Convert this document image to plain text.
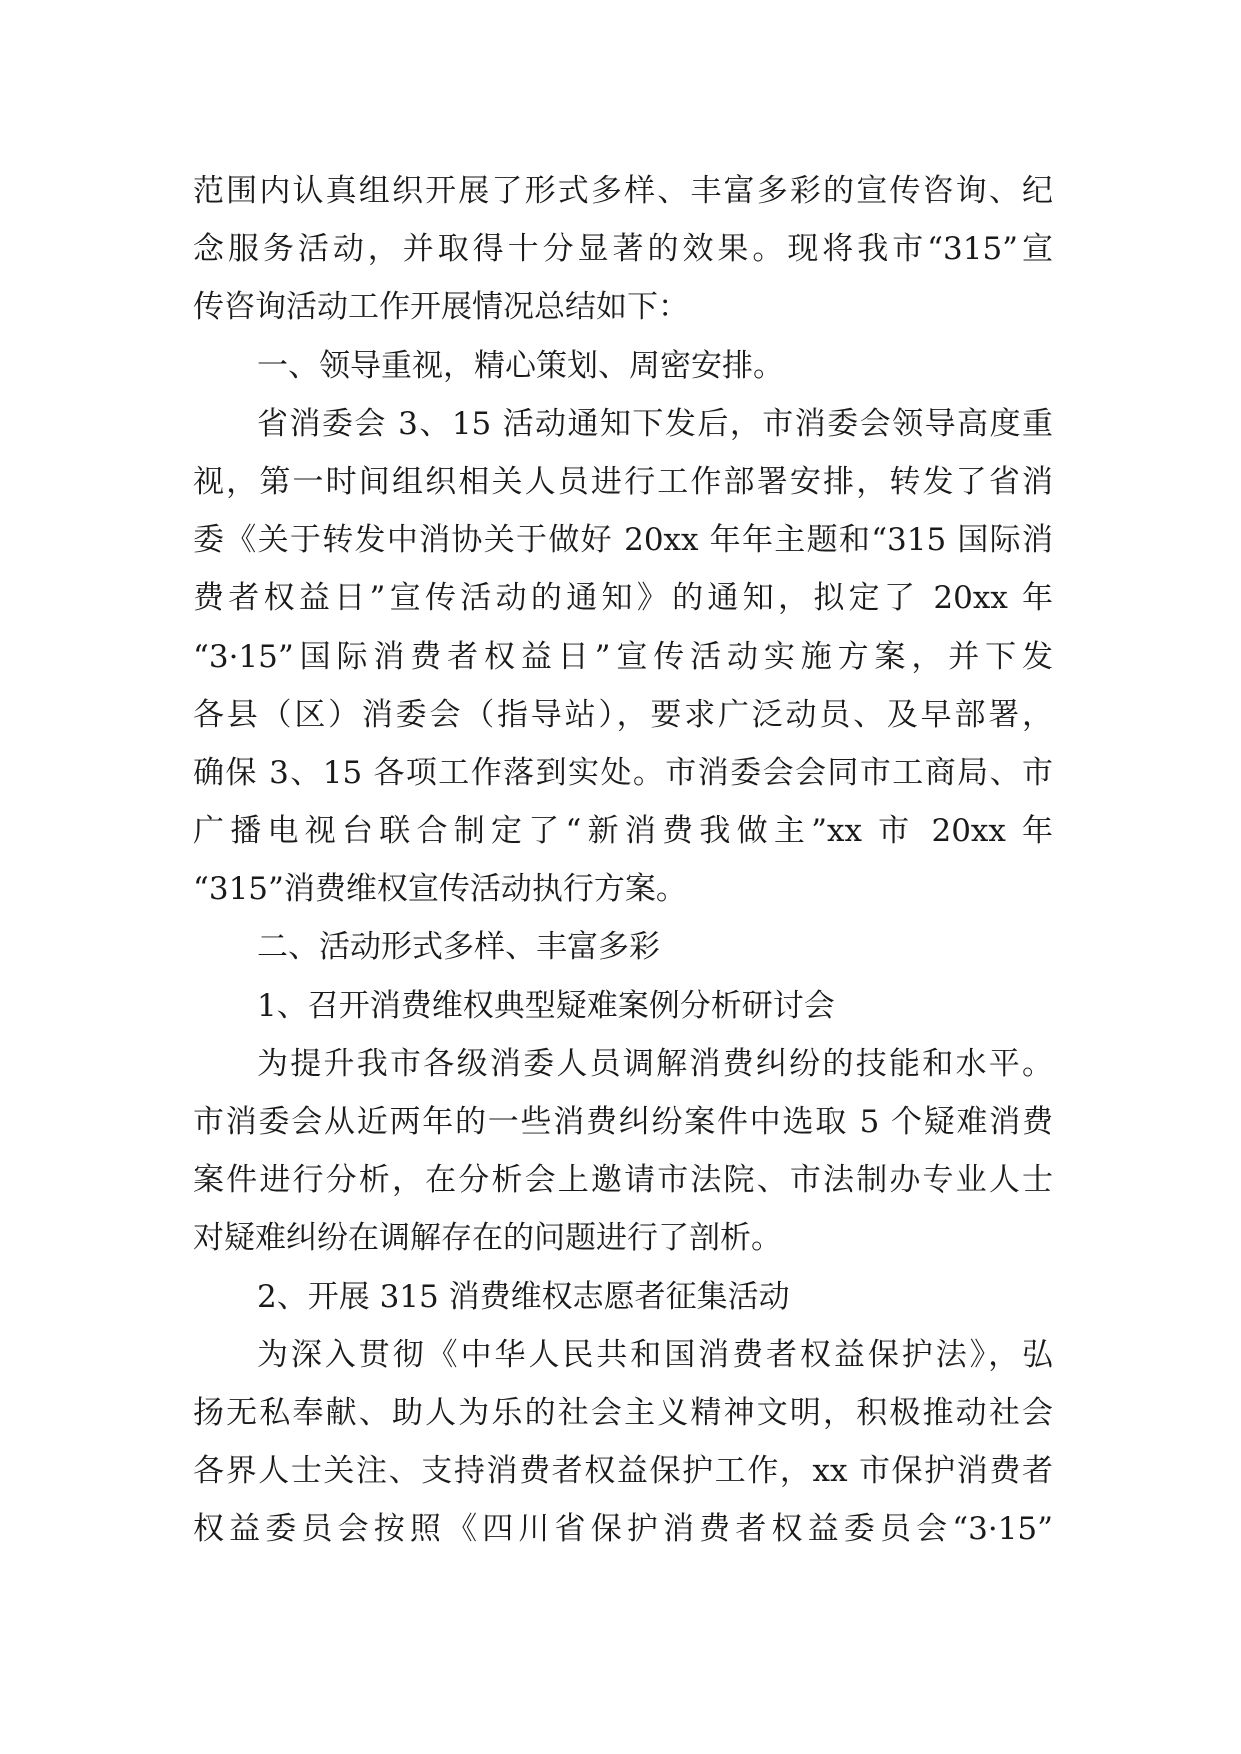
范围内认真组织开展了形式多样、丰富多彩的宣传咨询、纪
念服务活动，并取得十分显著的效果。现将我市“315”宣
传咨询活动工作开展情况总结如下：
一、领导重视，精心策划、周密安排。
省消委会 3、15 活动通知下发后，市消委会领导高度重
视，第一时间组织相关人员进行工作部署安排，转发了省消
委《关于转发中消协关于做好 20xx 年年主题和“315 国际消
费者权益日”宣传活动的通知》的通知，拟定了 20xx 年
“3·15”国际消费者权益日”宣传活动实施方案，并下发
各县（区）消委会（指导站），要求广泛动员、及早部署，
确保 3、15 各项工作落到实处。市消委会会同市工商局、市
广播电视台联合制定了“新消费我做主”xx 市 20xx 年
“315”消费维权宣传活动执行方案。
二、活动形式多样、丰富多彩
1、召开消费维权典型疑难案例分析研讨会
为提升我市各级消委人员调解消费纠纷的技能和水平。
市消委会从近两年的一些消费纠纷案件中选取 5 个疑难消费
案件进行分析，在分析会上邀请市法院、市法制办专业人士
对疑难纠纷在调解存在的问题进行了剖析。
2、开展 315 消费维权志愿者征集活动
为深入贯彻《中华人民共和国消费者权益保护法》，弘
扬无私奉献、助人为乐的社会主义精神文明，积极推动社会
各界人士关注、支持消费者权益保护工作，xx 市保护消费者
权益委员会按照《四川省保护消费者权益委员会“3·15”
